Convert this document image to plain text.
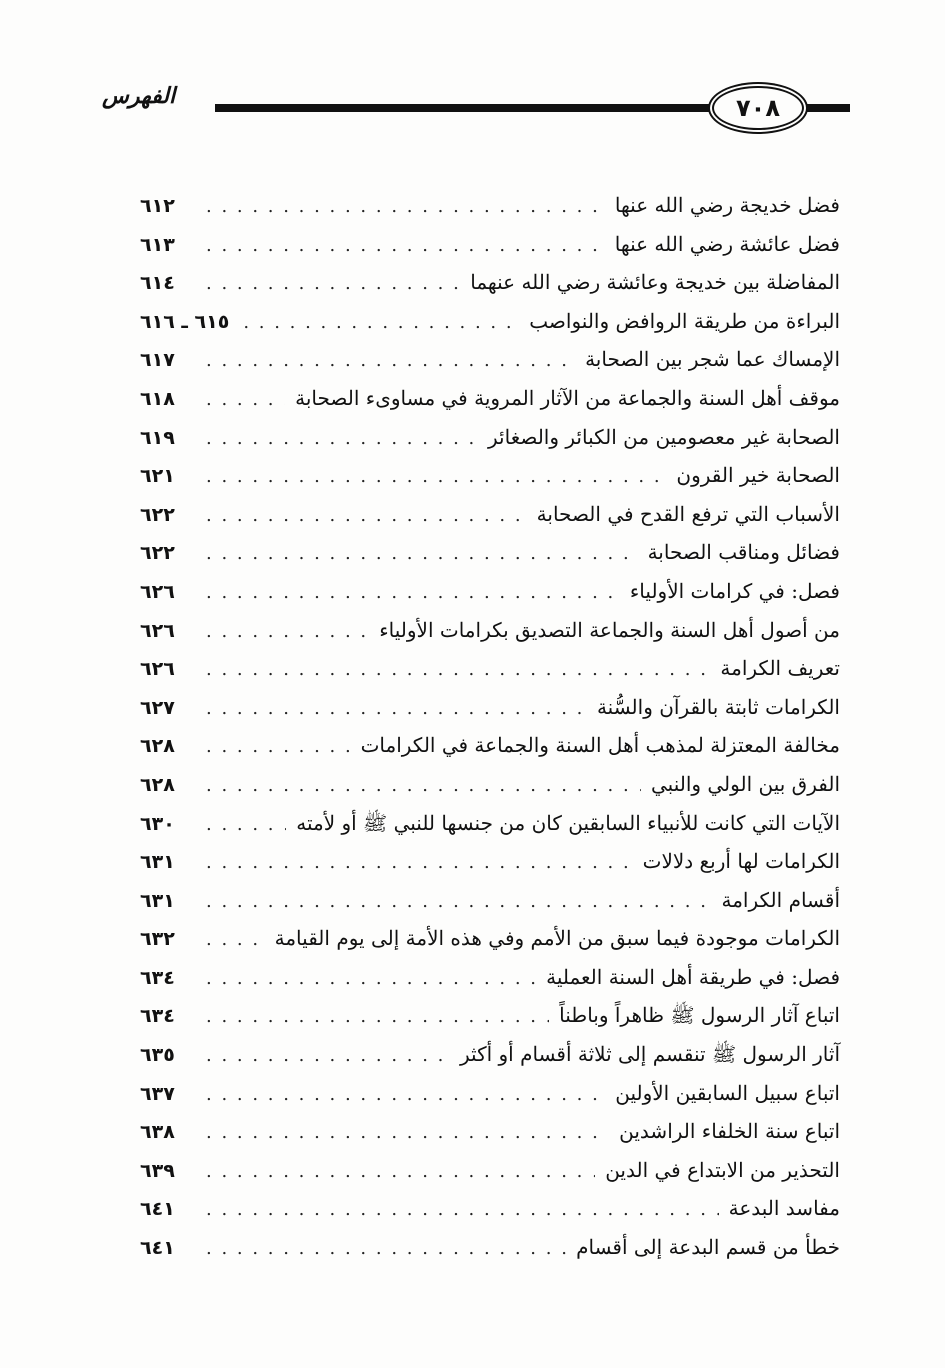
الفهرس	٧٠٨
فضل خديجة رضي الله عنها
. . .
٦١٢
فضل عائشة رضي الله عنها
. . .
٦١٣
المفاضلة بين خديجة وعائشة رضي الله عنهما
. . .
٦١٤
البراءة من طريقة الروافض والنواصب
. . .
٦١٥ ـ ٦١٦
الإمساك عما شجر بين الصحابة
. . .
٦١٧
موقف أهل السنة والجماعة من الآثار المروية في مساوىء الصحابة
. . .
٦١٨
الصحابة غير معصومين من الكبائر والصغائر
. . .
٦١٩
الصحابة خير القرون
. . .
٦٢١
الأسباب التي ترفع القدح في الصحابة
. . .
٦٢٢
فضائل ومناقب الصحابة
. . .
٦٢٢
فصل: في كرامات الأولياء
. . .
٦٢٦
من أصول أهل السنة والجماعة التصديق بكرامات الأولياء
. . .
٦٢٦
تعريف الكرامة
. . .
٦٢٦
الكرامات ثابتة بالقرآن والسُّنة
. . .
٦٢٧
مخالفة المعتزلة لمذهب أهل السنة والجماعة في الكرامات
. . .
٦٢٨
الفرق بين الولي والنبي
. . .
٦٢٨
الآيات التي كانت للأنبياء السابقين كان من جنسها للنبي ﷺ أو لأمته
. . .
٦٣٠
الكرامات لها أربع دلالات
. . .
٦٣١
أقسام الكرامة
. . .
٦٣١
الكرامات موجودة فيما سبق من الأمم وفي هذه الأمة إلى يوم القيامة
. . .
٦٣٢
فصل: في طريقة أهل السنة العملية
. . .
٦٣٤
اتباع آثار الرسول ﷺ ظاهراً وباطناً
. . .
٦٣٤
آثار الرسول ﷺ تنقسم إلى ثلاثة أقسام أو أكثر
. . .
٦٣٥
اتباع سبيل السابقين الأولين
. . .
٦٣٧
اتباع سنة الخلفاء الراشدين
. . .
٦٣٨
التحذير من الابتداع في الدين
. . .
٦٣٩
مفاسد البدعة
. . .
٦٤١
خطأ من قسم البدعة إلى أقسام
. . .
٦٤١
